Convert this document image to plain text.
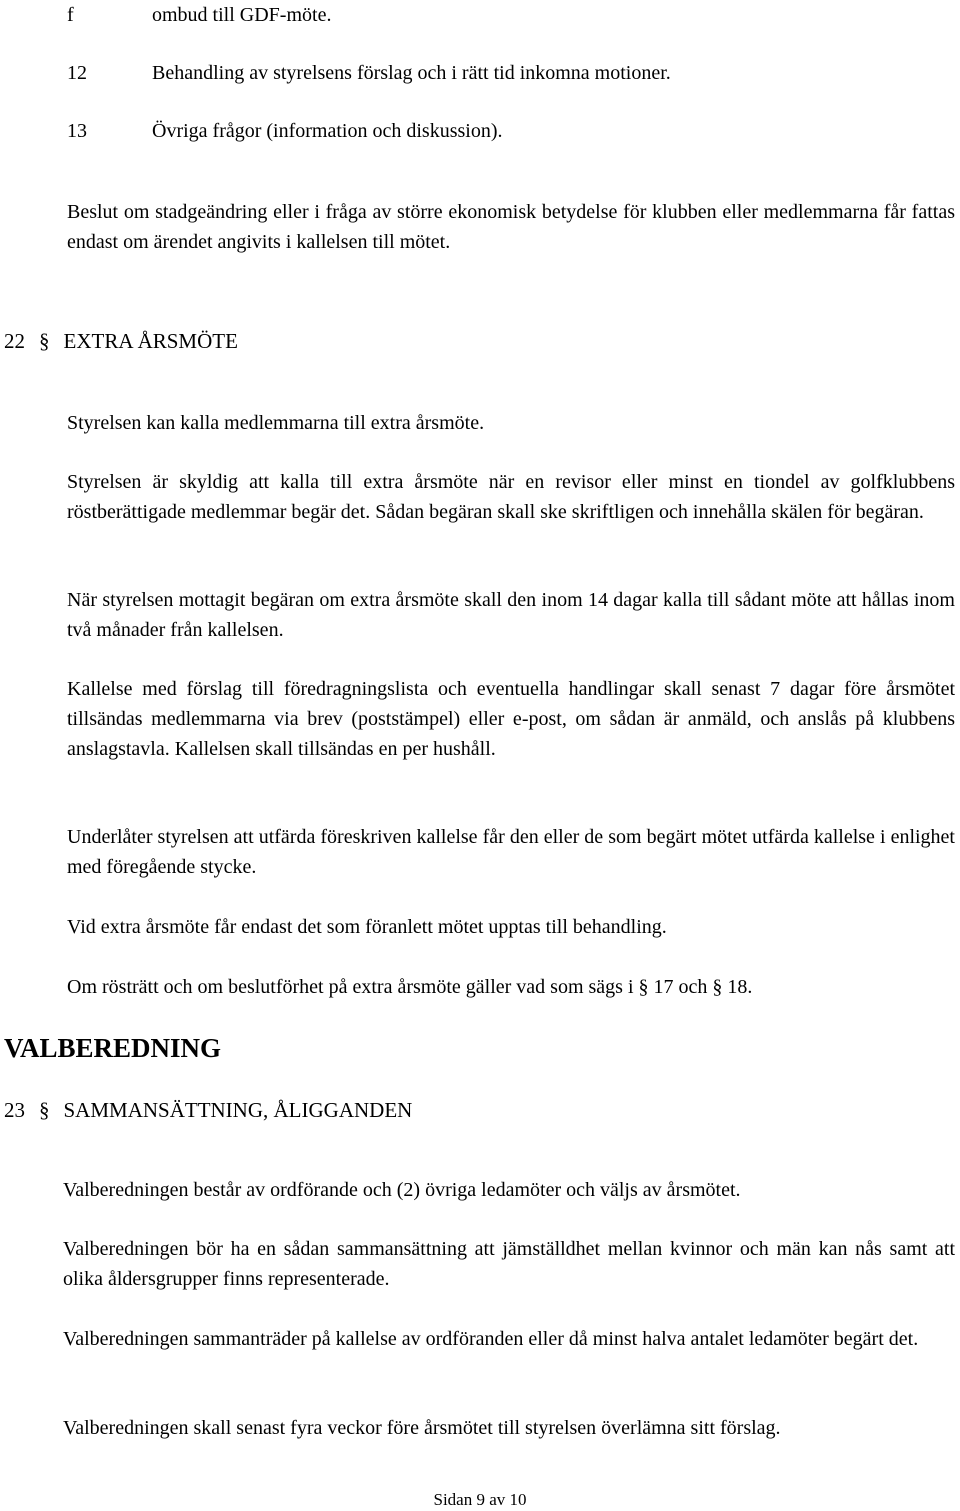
f	ombud till GDF-möte.
12	Behandling av styrelsens förslag och i rätt tid inkomna motioner.
13	Övriga frågor (information och diskussion).

Beslut om stadgeändring eller i fråga av större ekonomisk betydelse för klubben eller medlemmarna får fattas endast om ärendet angivits i kallelsen till mötet.

22 § EXTRA ÅRSMÖTE

Styrelsen kan kalla medlemmarna till extra årsmöte.

Styrelsen är skyldig att kalla till extra årsmöte när en revisor eller minst en tiondel av golfklubbens röstberättigade medlemmar begär det. Sådan begäran skall ske skriftligen och innehålla skälen för begäran.

När styrelsen mottagit begäran om extra årsmöte skall den inom 14 dagar kalla till sådant möte att hållas inom två månader från kallelsen.

Kallelse med förslag till föredragningslista och eventuella handlingar skall senast 7 dagar före årsmötet tillsändas medlemmarna via brev (poststämpel) eller e-post, om sådan är anmäld, och anslås på klubbens anslagstavla. Kallelsen skall tillsändas en per hushåll.

Underlåter styrelsen att utfärda föreskriven kallelse får den eller de som begärt mötet utfärda kallelse i enlighet med föregående stycke.

Vid extra årsmöte får endast det som föranlett mötet upptas till behandling.

Om rösträtt och om beslutförhet på extra årsmöte gäller vad som sägs i § 17 och § 18.

VALBEREDNING
23 § SAMMANSÄTTNING, ÅLIGGANDEN

Valberedningen består av ordförande och (2) övriga ledamöter och väljs av årsmötet.

Valberedningen bör ha en sådan sammansättning att jämställdhet mellan kvinnor och män kan nås samt att olika åldersgrupper finns representerade.

Valberedningen sammanträder på kallelse av ordföranden eller då minst halva antalet ledamöter begärt det.

Valberedningen skall senast fyra veckor före årsmötet till styrelsen överlämna sitt förslag.

Sidan 9 av 10
